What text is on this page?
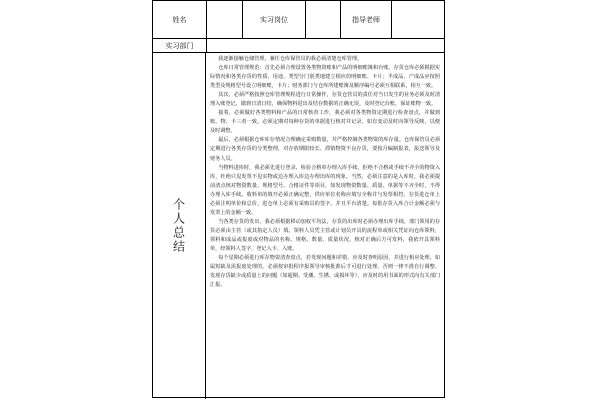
姓名	实习岗位	指导老师
实习部门
个人总结

我逐渐接触仓储管理，兼任仓库保管员的我必须清楚仓库管理。

仓库日常管理规范：首先必须合理设置各类物资账和产品的明细账簿和台账。存货仓库必须根据实际情况和各类存货的性质、用途、类型分门别类地建立相应的明细账、卡片；半成品、产成品应按照类型及规格型号设立明细账，卡片；财务部门与仓库所建账簿及顺序编号必须互相联系，相互一致。

其次，必须严格按照仓库管理规程进行日常操作，存货仓管员的责任对当日发生的业务必须及时清理入账登记，做到日清日结，确保物料进出及结存数据的正确无误，及时登记台账，保证账物一致。

接着，必须做好各类物料和产品的日常核查工作，我必须对各类物资定期进行检查盘点，并做到账、物、卡三者一致。必须定期对每种存货的单据进行核对并记录，如有变动及时向领导反映，以便及时调整。

最后，必须根据仓库库存情况合理确定采购数量，并严格控制各类物资的库存量。仓库保管员必须定期进行各类存货的分类整理，对存放期限较长、滞销物资不良存货，要按月编制报表，报送领导及财务人员。

当物料进库时，我必须先进行登录、检验合格单办理入库手续，拒绝不合格或手续不齐全的物资入库，杜绝只见发票不见实物或边办理入库边办理出库的现象。当然，必须注意的是入库时，我必须提前清点核对物资数量、规格型号、合格证件等项目，如发现物资数量、质量、单据等不齐全时，不得办理入库手续。收料单的填开必须正确完整，供应单位名称应填写全称并与发票相符。存货进仓单上必须注明单价和总价，进仓单上必须有采购员的签字，并且平台清楚。每批存货入库合计金额必须与发票上的金额一致。

当各类存货的发出，我必须根据移动加权平均法，存货的出库时必须办理出库手续，部门领用的存货必须由主管（或其指定人员）填、领料人员凭主管或计划员开具的流程单或相关凭证向仓库领料，领料和成品或报废或对物品的名称、规格、数量、质量状况，核对正确后方可发料，我依开具领料单，经领料人签字，登记入卡、入账。

每个星期必须进行库存物资清查盘点，若发现问题和差错，应及时查明原因，并进行相应处理。如属短缺及需报废处理的，必须按审批程序报领导审核批准后才可进行处理，否则一律不准自行调整。发现存货缺少或质量上的问题（如超期、受潮、生锈、或损坏等），应及时的用书面的形式向有关部门汇报。
